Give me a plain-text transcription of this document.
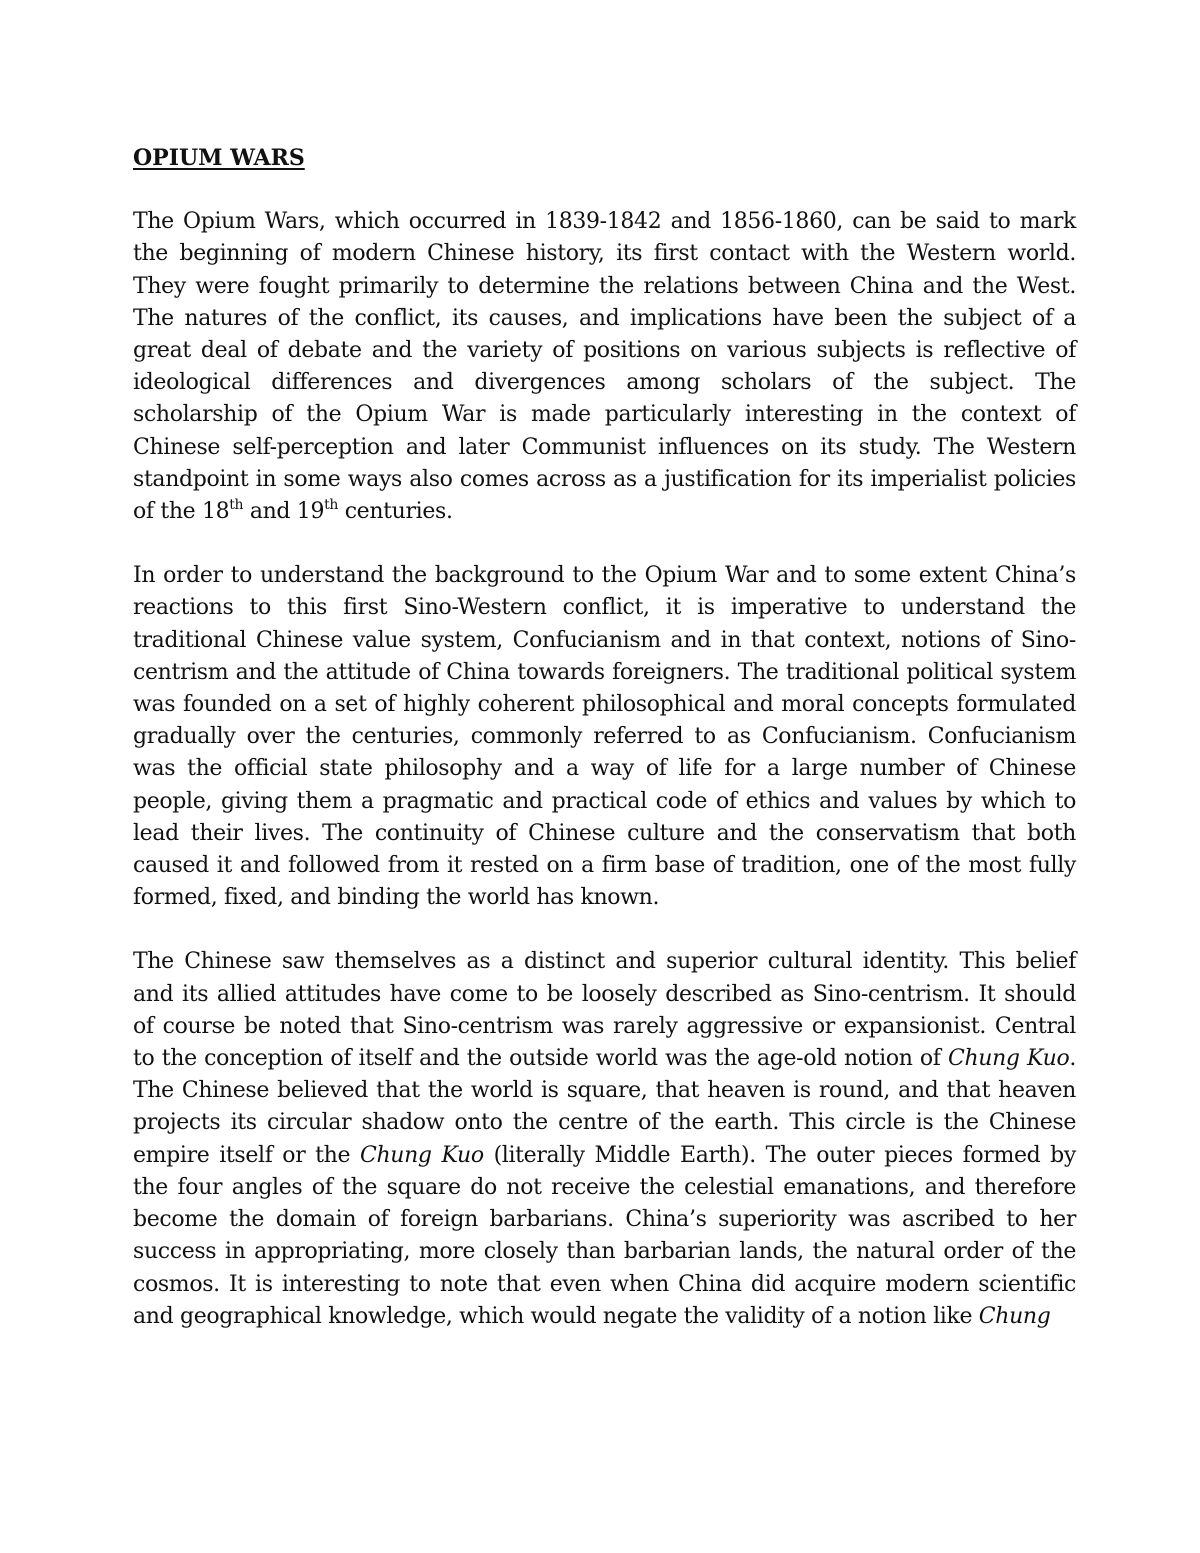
OPIUM WARS

The Opium Wars, which occurred in 1839-1842 and 1856-1860, can be said to mark the beginning of modern Chinese history, its first contact with the Western world. They were fought primarily to determine the relations between China and the West. The natures of the conflict, its causes, and implications have been the subject of a great deal of debate and the variety of positions on various subjects is reflective of ideological differences and divergences among scholars of the subject. The scholarship of the Opium War is made particularly interesting in the context of Chinese self-perception and later Communist influences on its study. The Western standpoint in some ways also comes across as a justification for its imperialist policies of the 18th and 19th centuries.

In order to understand the background to the Opium War and to some extent China’s reactions to this first Sino-Western conflict, it is imperative to understand the traditional Chinese value system, Confucianism and in that context, notions of Sino-centrism and the attitude of China towards foreigners. The traditional political system was founded on a set of highly coherent philosophical and moral concepts formulated gradually over the centuries, commonly referred to as Confucianism. Confucianism was the official state philosophy and a way of life for a large number of Chinese people, giving them a pragmatic and practical code of ethics and values by which to lead their lives. The continuity of Chinese culture and the conservatism that both caused it and followed from it rested on a firm base of tradition, one of the most fully formed, fixed, and binding the world has known.

The Chinese saw themselves as a distinct and superior cultural identity. This belief and its allied attitudes have come to be loosely described as Sino-centrism. It should of course be noted that Sino-centrism was rarely aggressive or expansionist. Central to the conception of itself and the outside world was the age-old notion of Chung Kuo. The Chinese believed that the world is square, that heaven is round, and that heaven projects its circular shadow onto the centre of the earth. This circle is the Chinese empire itself or the Chung Kuo (literally Middle Earth). The outer pieces formed by the four angles of the square do not receive the celestial emanations, and therefore become the domain of foreign barbarians. China’s superiority was ascribed to her success in appropriating, more closely than barbarian lands, the natural order of the cosmos. It is interesting to note that even when China did acquire modern scientific and geographical knowledge, which would negate the validity of a notion like Chung
